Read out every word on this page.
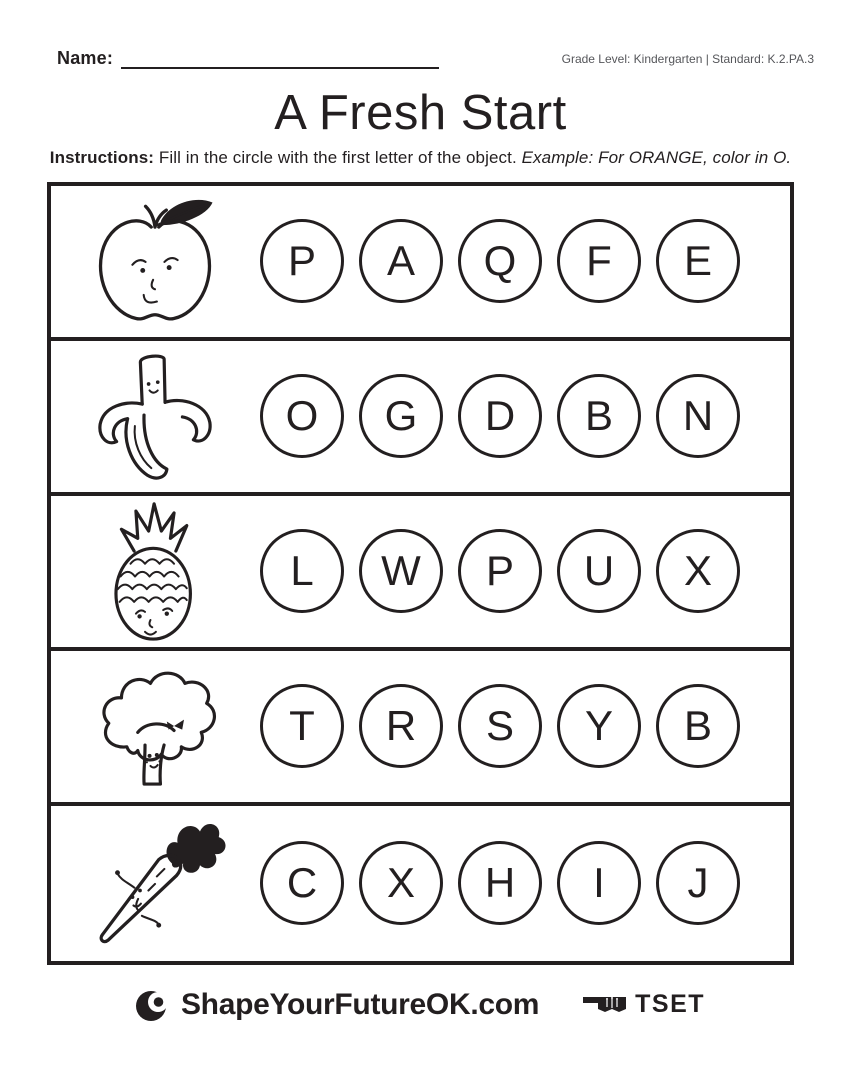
Name:	Grade Level: Kindergarten | Standard: K.2.PA.3
A Fresh Start

Instructions: Fill in the circle with the first letter of the object. Example: For ORANGE, color in O.

P A Q F E
O G D B N
L W P U X
T R S Y B
C X H I J
ShapeYourFutureOK.com	TSET
